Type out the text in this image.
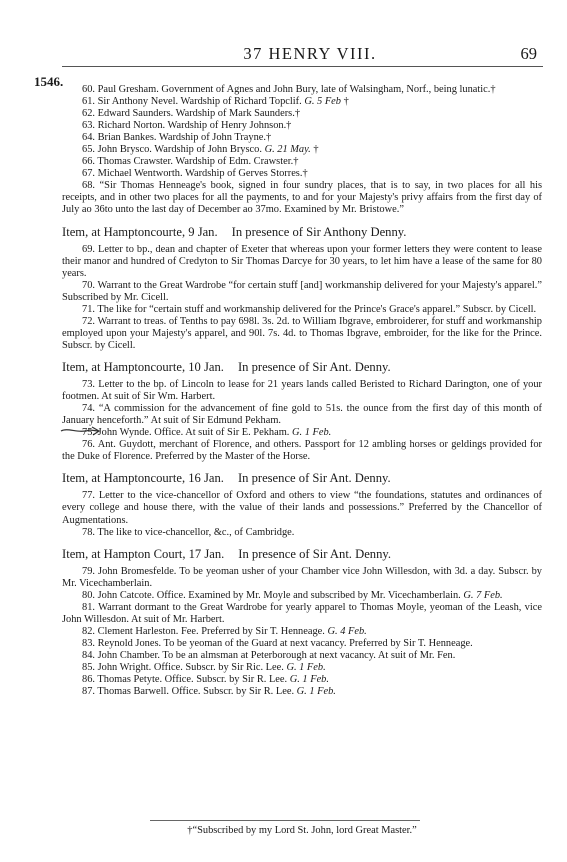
37 HENRY VIII.	69
1546.

60. Paul Gresham. Government of Agnes and John Bury, late of Walsingham, Norf., being lunatic.†

61. Sir Anthony Nevel. Wardship of Richard Topclif. G. 5 Feb †

62. Edward Saunders. Wardship of Mark Saunders.†

63. Richard Norton. Wardship of Henry Johnson.†

64. Brian Bankes. Wardship of John Trayne.†

65. John Brysco. Wardship of John Brysco. G. 21 May. †

66. Thomas Crawster. Wardship of Edm. Crawster.†

67. Michael Wentworth. Wardship of Gerves Storres.†

68. “Sir Thomas Henneage's book, signed in four sundry places, that is to say, in two places for all his receipts, and in other two places for all the payments, to and for your Majesty's privy affairs from the first day of July ao 36to unto the last day of December ao 37mo. Examined by Mr. Bristowe.”

Item, at Hamptoncourte, 9 Jan. In presence of Sir Anthony Denny.

69. Letter to bp., dean and chapter of Exeter that whereas upon your former letters they were content to lease their manor and hundred of Credyton to Sir Thomas Darcye for 30 years, to let him have a lease of the same for 80 years.

70. Warrant to the Great Wardrobe “for certain stuff [and] workmanship delivered for your Majesty's apparel.” Subscribed by Mr. Cicell.

71. The like for “certain stuff and workmanship delivered for the Prince's Grace's apparel.” Subscr. by Cicell.

72. Warrant to treas. of Tenths to pay 698l. 3s. 2d. to William Ibgrave, embroiderer, for stuff and workmanship employed upon your Majesty's apparel, and 90l. 7s. 4d. to Thomas Ibgrave, embroider, for the like for the Prince. Subscr. by Cicell.

Item, at Hamptoncourte, 10 Jan. In presence of Sir Ant. Denny.

73. Letter to the bp. of Lincoln to lease for 21 years lands called Beristed to Richard Darington, one of your footmen. At suit of Sir Wm. Harbert.

74. “A commission for the advancement of fine gold to 51s. the ounce from the first day of this month of January henceforth.” At suit of Sir Edmund Pekham.

75. John Wynde. Office. At suit of Sir E. Pekham. G. 1 Feb.

76. Ant. Guydott, merchant of Florence, and others. Passport for 12 ambling horses or geldings provided for the Duke of Florence. Preferred by the Master of the Horse.

Item, at Hamptoncourte, 16 Jan. In presence of Sir Ant. Denny.

77. Letter to the vice-chancellor of Oxford and others to view “the foundations, statutes and ordinances of every college and house there, with the value of their lands and possessions.” Preferred by the Chancellor of Augmentations.

78. The like to vice-chancellor, &c., of Cambridge.

Item, at Hampton Court, 17 Jan. In presence of Sir Ant. Denny.

79. John Bromesfelde. To be yeoman usher of your Chamber vice John Willesdon, with 3d. a day. Subscr. by Mr. Vicechamberlain.

80. John Catcote. Office. Examined by Mr. Moyle and subscribed by Mr. Vicechamberlain. G. 7 Feb.

81. Warrant dormant to the Great Wardrobe for yearly apparel to Thomas Moyle, yeoman of the Leash, vice John Willesdon. At suit of Mr. Harbert.

82. Clement Harleston. Fee. Preferred by Sir T. Henneage. G. 4 Feb.

83. Reynold Jones. To be yeoman of the Guard at next vacancy. Preferred by Sir T. Henneage.

84. John Chamber. To be an almsman at Peterborough at next vacancy. At suit of Mr. Fen.

85. John Wright. Office. Subscr. by Sir Ric. Lee. G. 1 Feb.

86. Thomas Petyte. Office. Subscr. by Sir R. Lee. G. 1 Feb.

87. Thomas Barwell. Office. Subscr. by Sir R. Lee. G. 1 Feb.

†“Subscribed by my Lord St. John, lord Great Master.”
